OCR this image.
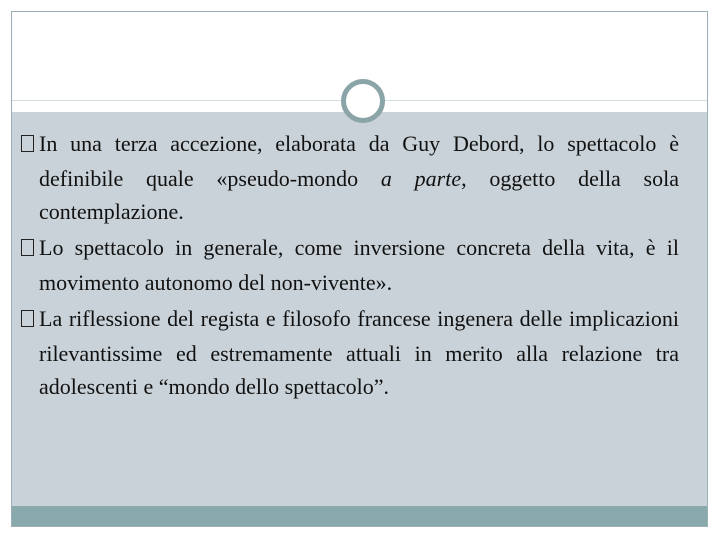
In una terza accezione, elaborata da Guy Debord, lo spettacolo è definibile quale «pseudo-mondo a parte, oggetto della sola contemplazione.
Lo spettacolo in generale, come inversione concreta della vita, è il movimento autonomo del non-vivente».
La riflessione del regista e filosofo francese ingenera delle implicazioni rilevantissime ed estremamente attuali in merito alla relazione tra adolescenti e “mondo dello spettacolo”.
